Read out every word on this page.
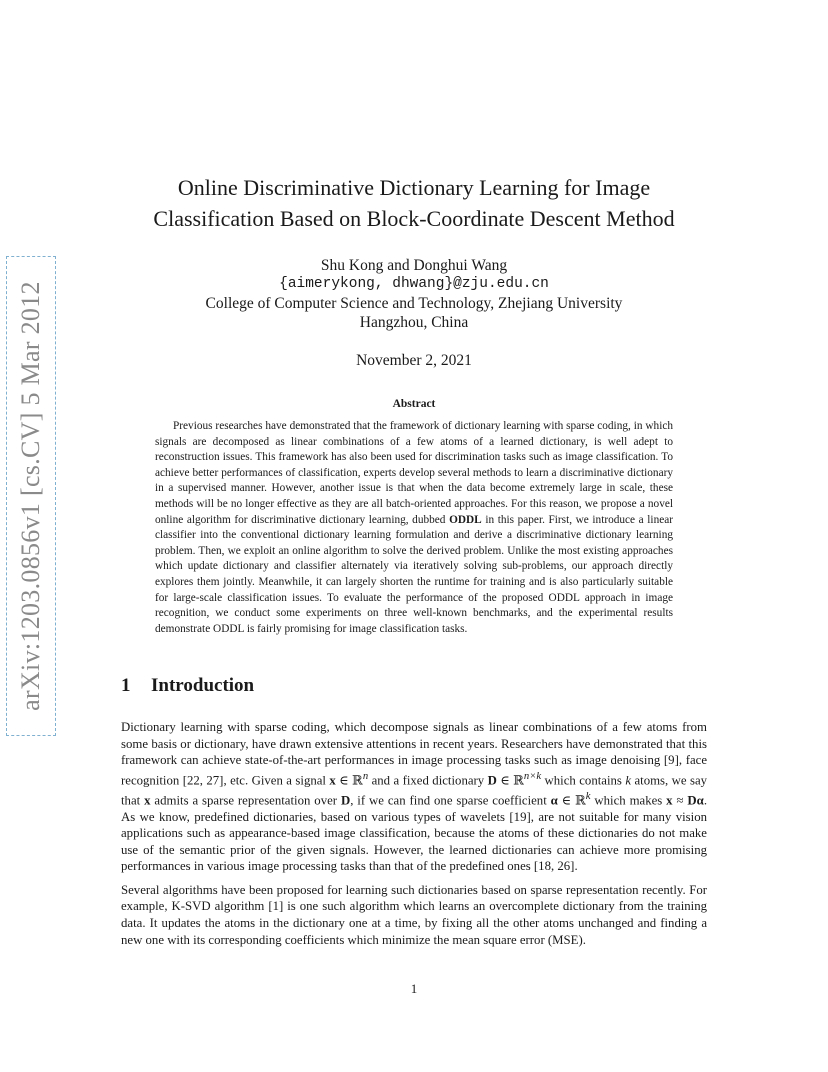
arXiv:1203.0856v1 [cs.CV] 5 Mar 2012
Online Discriminative Dictionary Learning for Image
Classification Based on Block-Coordinate Descent Method
Shu Kong and Donghui Wang
{aimerykong, dhwang}@zju.edu.cn
College of Computer Science and Technology, Zhejiang University
Hangzhou, China
November 2, 2021
Abstract

Previous researches have demonstrated that the framework of dictionary learning with sparse coding, in which signals are decomposed as linear combinations of a few atoms of a learned dictionary, is well adept to reconstruction issues. This framework has also been used for discrimination tasks such as image classification. To achieve better performances of classification, experts develop several methods to learn a discriminative dictionary in a supervised manner. However, another issue is that when the data become extremely large in scale, these methods will be no longer effective as they are all batch-oriented approaches. For this reason, we propose a novel online algorithm for discriminative dictionary learning, dubbed ODDL in this paper. First, we introduce a linear classifier into the conventional dictionary learning formulation and derive a discriminative dictionary learning problem. Then, we exploit an online algorithm to solve the derived problem. Unlike the most existing approaches which update dictionary and classifier alternately via iteratively solving sub-problems, our approach directly explores them jointly. Meanwhile, it can largely shorten the runtime for training and is also particularly suitable for large-scale classification issues. To evaluate the performance of the proposed ODDL approach in image recognition, we conduct some experiments on three well-known benchmarks, and the experimental results demonstrate ODDL is fairly promising for image classification tasks.

1 Introduction

Dictionary learning with sparse coding, which decompose signals as linear combinations of a few atoms from some basis or dictionary, have drawn extensive attentions in recent years. Researchers have demonstrated that this framework can achieve state-of-the-art performances in image processing tasks such as image denoising [9], face recognition [22, 27], etc. Given a signal x ∈ ℝ$^n$ and a fixed dictionary D ∈ ℝ$^{n\times k}$ which contains k atoms, we say that x admits a sparse representation over D, if we can find one sparse coefficient α ∈ ℝ$^k$ which makes x ≈ Dα. As we know, predefined dictionaries, based on various types of wavelets [19], are not suitable for many vision applications such as appearance-based image classification, because the atoms of these dictionaries do not make use of the semantic prior of the given signals. However, the learned dictionaries can achieve more promising performances in various image processing tasks than that of the predefined ones [18, 26].

Several algorithms have been proposed for learning such dictionaries based on sparse representation recently. For example, K-SVD algorithm [1] is one such algorithm which learns an overcomplete dictionary from the training data. It updates the atoms in the dictionary one at a time, by fixing all the other atoms unchanged and finding a new one with its corresponding coefficients which minimize the mean square error (MSE).

1
